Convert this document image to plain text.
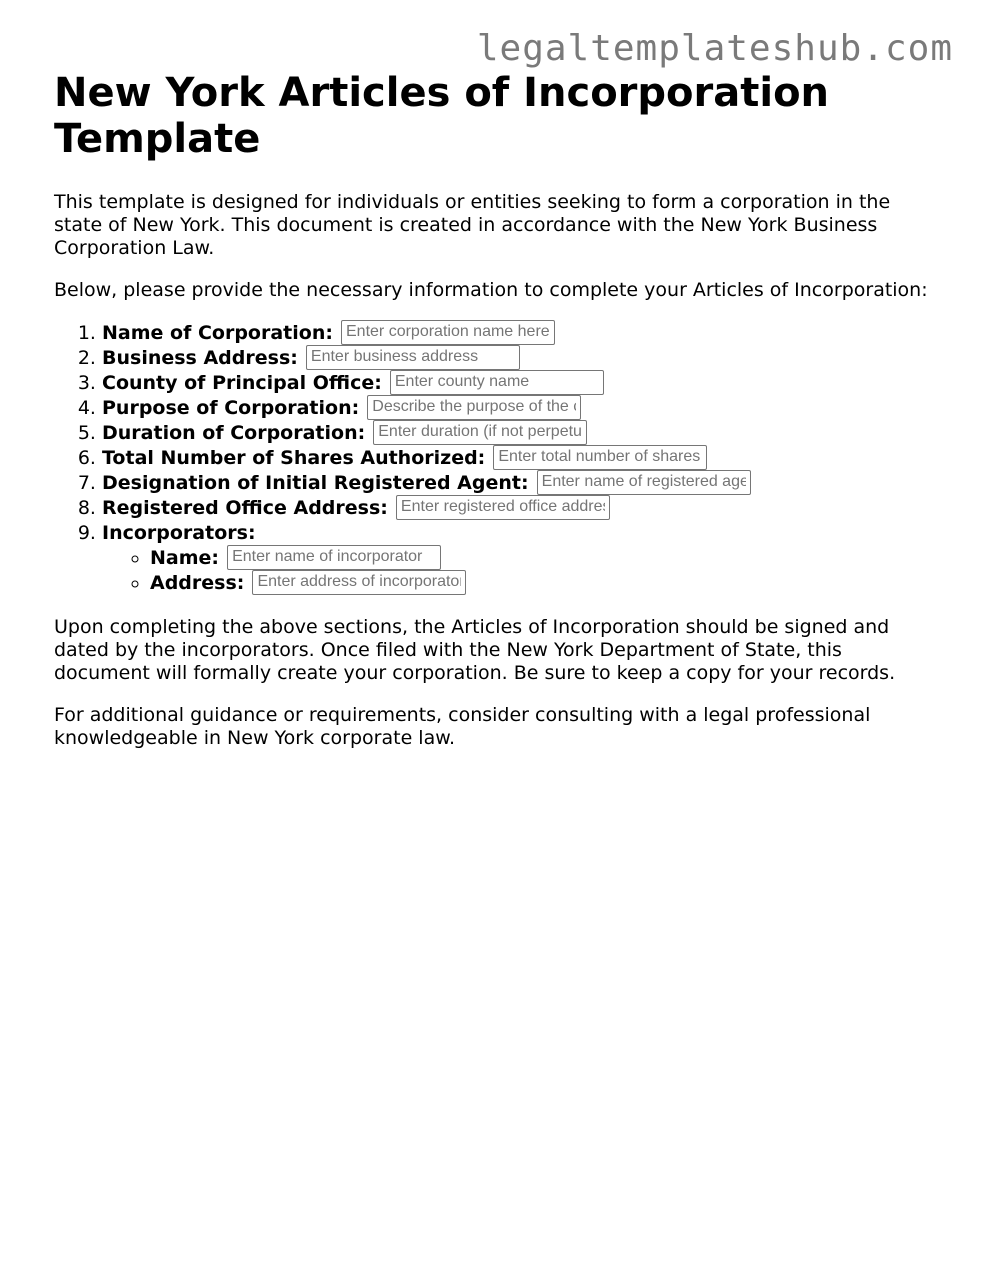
legaltemplateshub.com
New York Articles of Incorporation Template

This template is designed for individuals or entities seeking to form a corporation in the state of New York. This document is created in accordance with the New York Business Corporation Law.

Below, please provide the necessary information to complete your Articles of Incorporation:

1. Name of Corporation: Enter corporation name here
2. Business Address: Enter business address
3. County of Principal Office: Enter county name
4. Purpose of Corporation: Describe the purpose of the corporation
5. Duration of Corporation: Enter duration (if not perpetual)
6. Total Number of Shares Authorized: Enter total number of shares
7. Designation of Initial Registered Agent: Enter name of registered agent
8. Registered Office Address: Enter registered office address
9. Incorporators:
◦ Name: Enter name of incorporator
◦ Address: Enter address of incorporator

Upon completing the above sections, the Articles of Incorporation should be signed and dated by the incorporators. Once filed with the New York Department of State, this document will formally create your corporation. Be sure to keep a copy for your records.

For additional guidance or requirements, consider consulting with a legal professional knowledgeable in New York corporate law.
